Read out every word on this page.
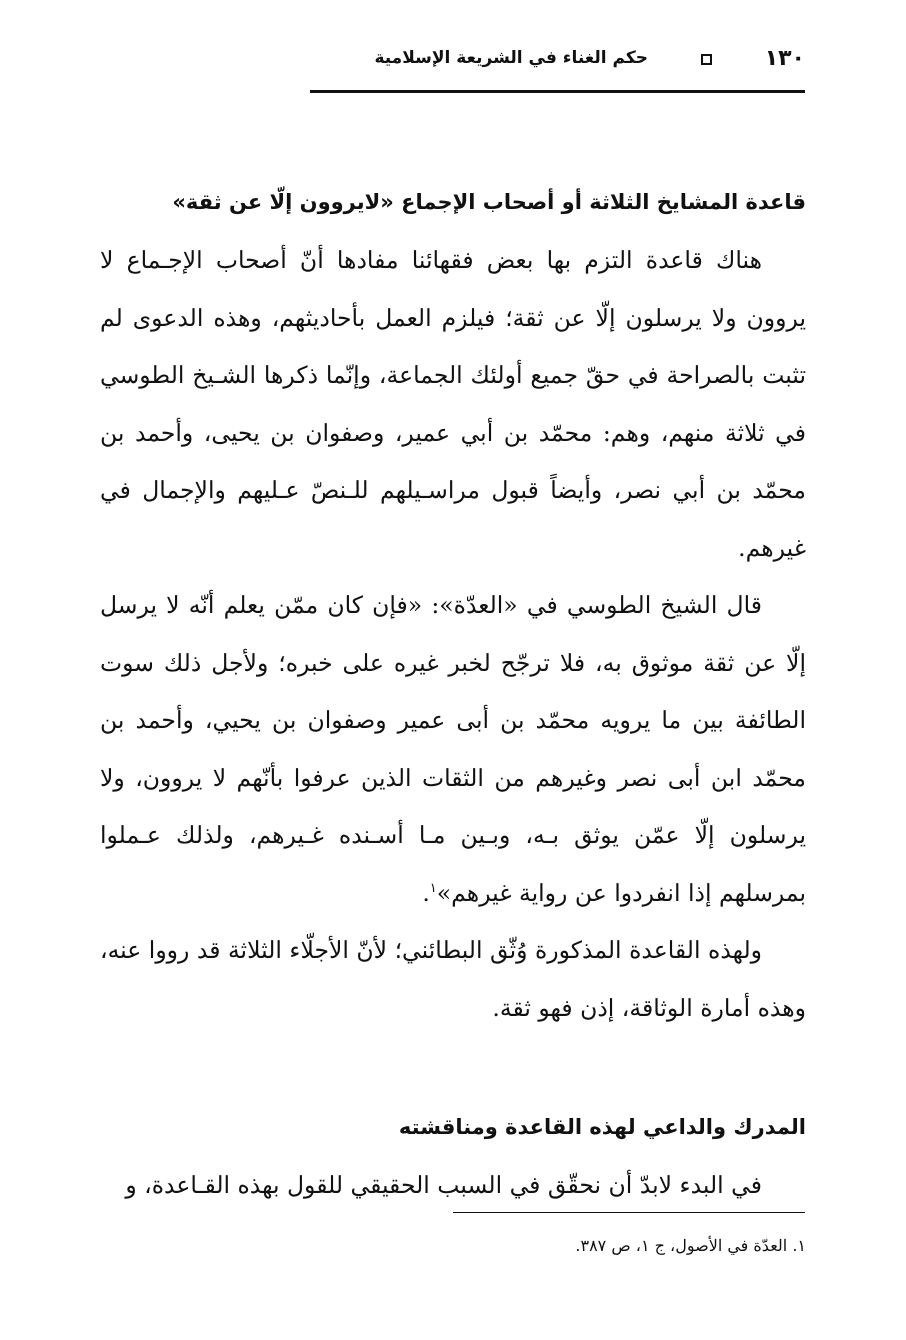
١٣٠
حكم الغناء في الشريعة الإسلامية
قاعدة المشايخ الثلاثة أو أصحاب الإجماع «لايروون إلّا عن ثقة»

هناك قاعدة التزم بها بعض فقهائنا مفادها أنّ أصحاب الإجـماع لا يروون ولا يرسلون إلّا عن ثقة؛ فيلزم العمل بأحاديثهم، وهذه الدعوى لم تثبت بالصراحة في حقّ جميع أولئك الجماعة، وإنّما ذكرها الشـيخ الطوسي في ثلاثة منهم، وهم: محمّد بن أبي عمير، وصفوان بن يحيى، وأحمد بن محمّد بن أبي نصر، وأيضاً قبول مراسـيلهم للـنصّ عـليهم والإجمال في غيرهم.

قال الشيخ الطوسي في «العدّة»: «فإن كان ممّن يعلم أنّه لا يرسل إلّا عن ثقة موثوق به، فلا ترجّح لخبر غيره على خبره؛ ولأجل ذلك سوت الطائفة بين ما يرويه محمّد بن أبى عمير وصفوان بن يحيي، وأحمد بن محمّد ابن أبى نصر وغيرهم من الثقات الذين عرفوا بأنّهم لا يروون، ولا يرسلون إلّا عمّن يوثق بـه، وبـين مـا أسـنده غـيرهم، ولذلك عـملوا بمرسلهم إذا انفردوا عن رواية غيرهم»$^١$.

ولهذه القاعدة المذكورة وُثّق البطائني؛ لأنّ الأجلّاء الثلاثة قد رووا عنه، وهذه أمارة الوثاقة، إذن فهو ثقة.

المدرك والداعي لهذه القاعدة ومناقشته

في البدء لابدّ أن نحقّق في السبب الحقيقي للقول بهذه القـاعدة، و

١. العدّة في الأصول، ج ١، ص ٣٨٧.
